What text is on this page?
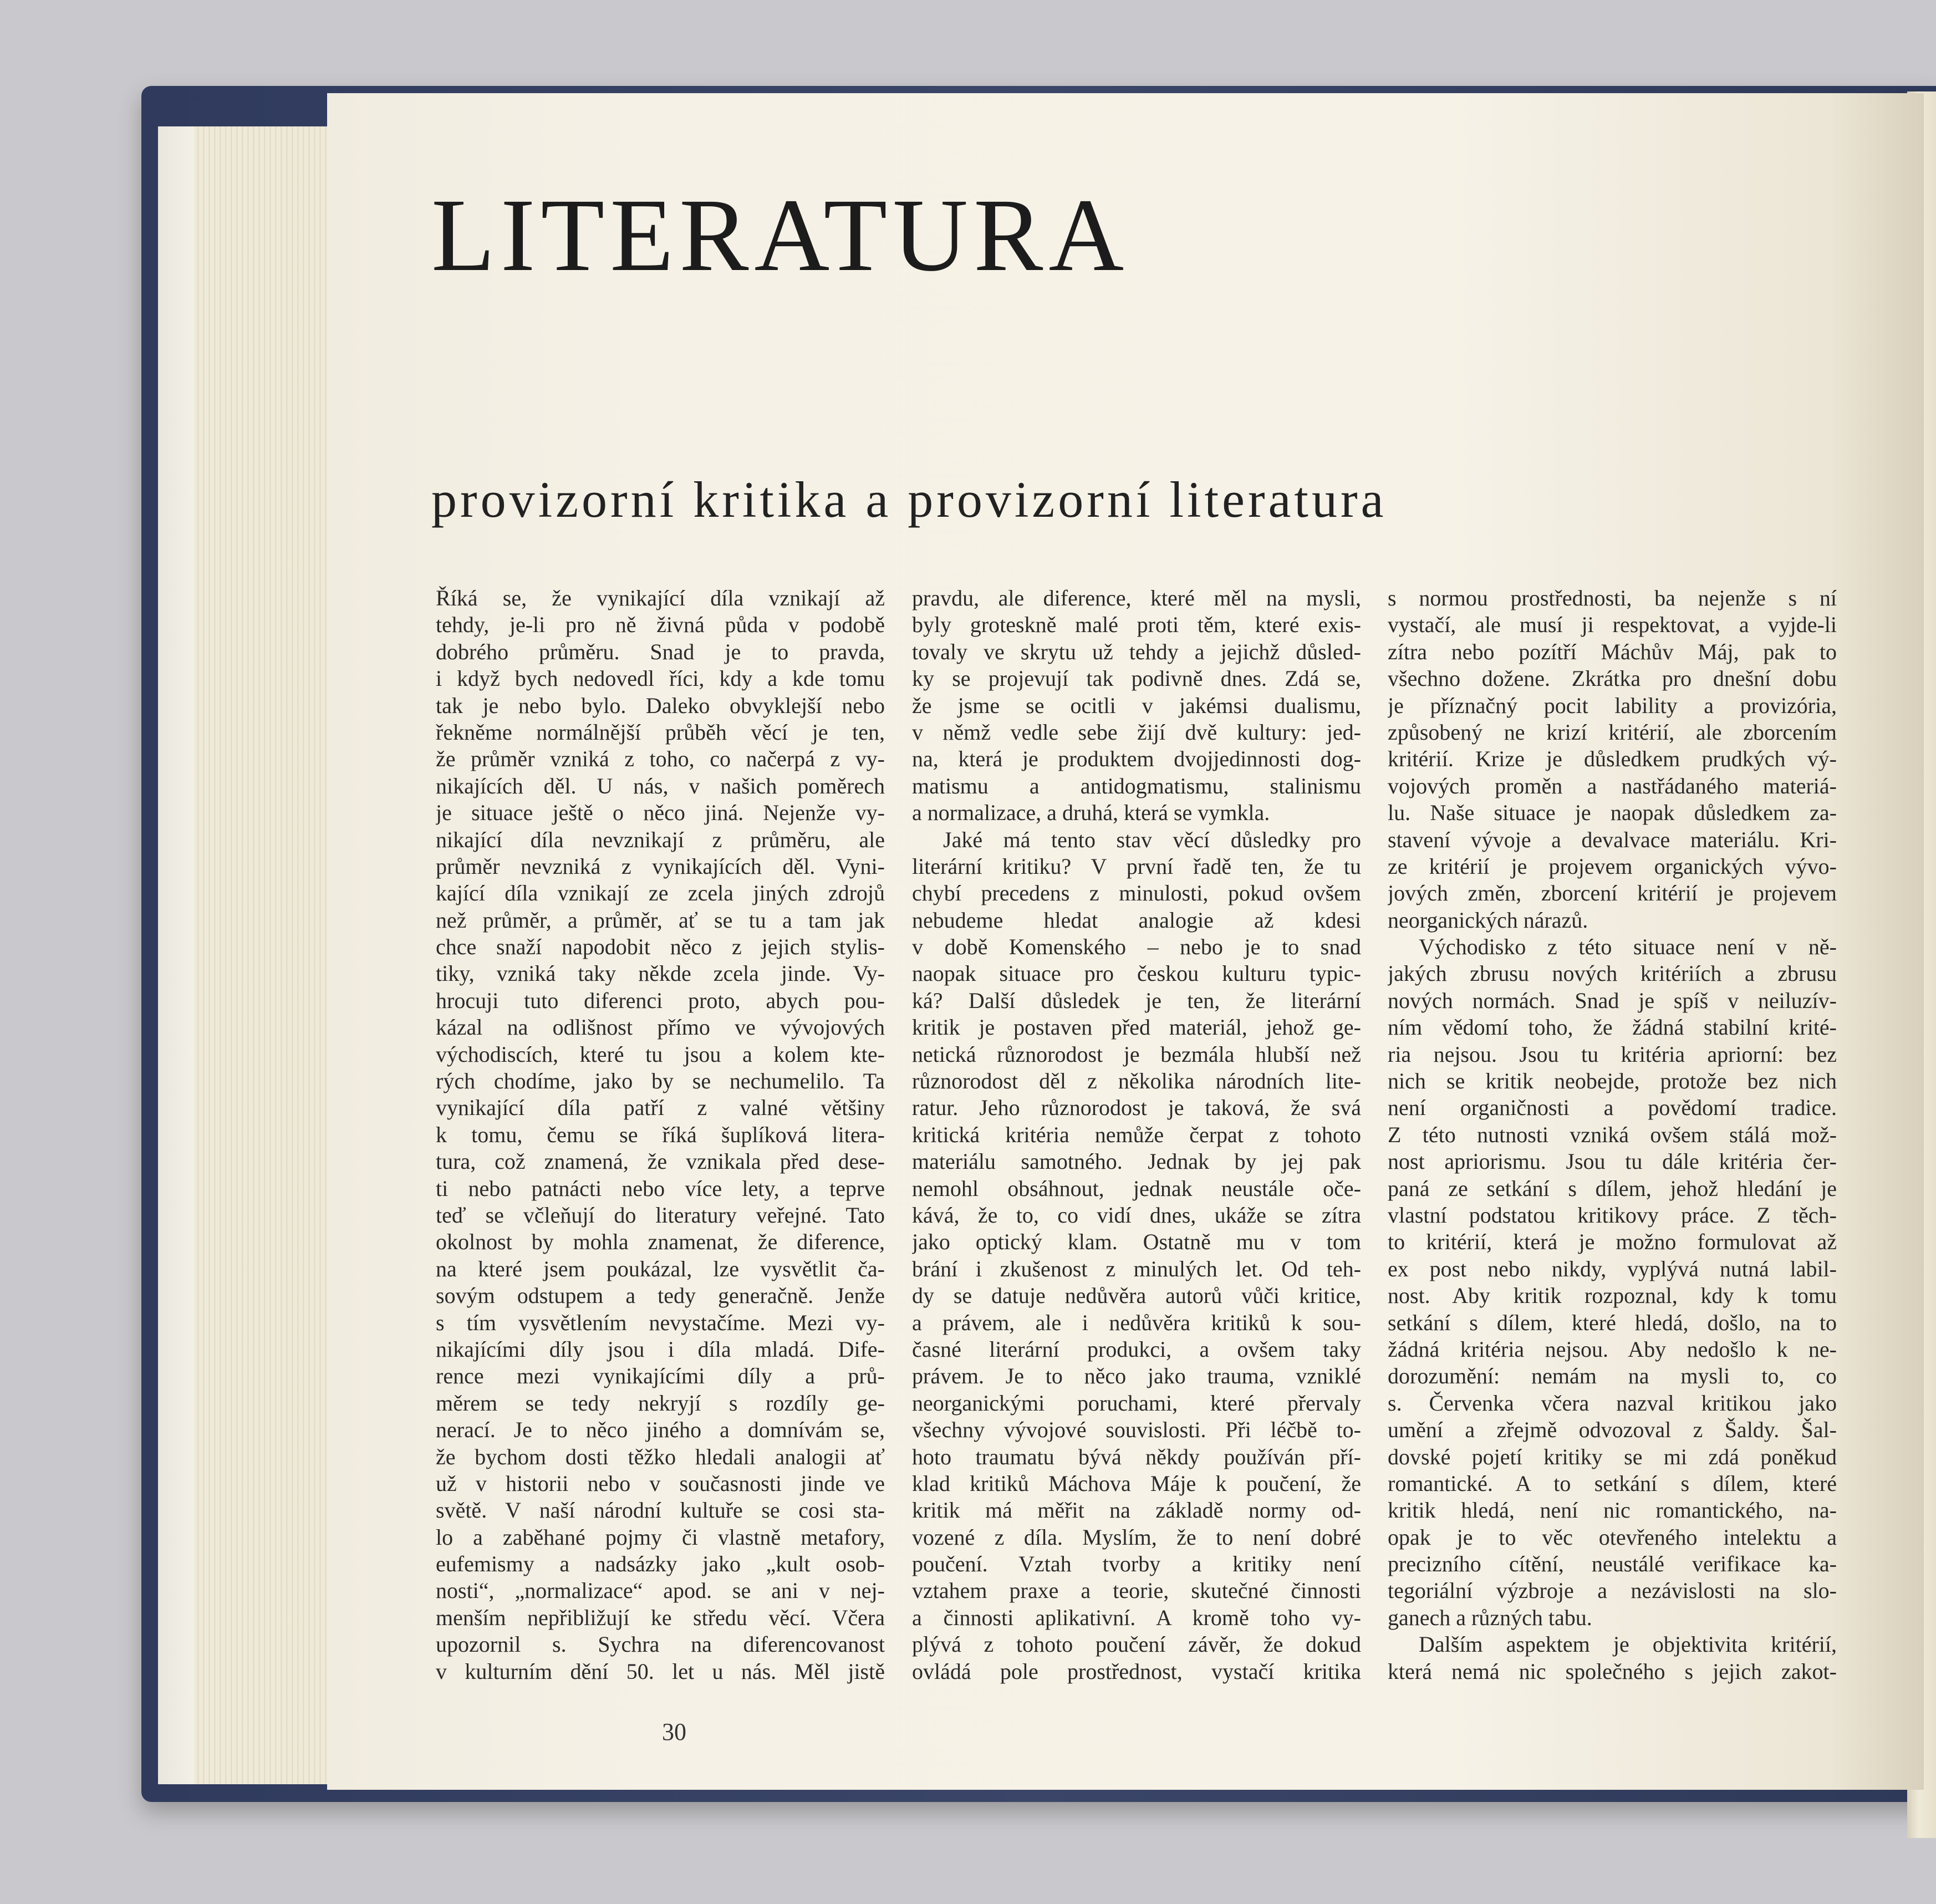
LITERATURA
provizorní kritika a provizorní literatura
Říká se, že vynikající díla vznikají až
tehdy, je-li pro ně živná půda v podobě
dobrého průměru. Snad je to pravda,
i když bych nedovedl říci, kdy a kde tomu
tak je nebo bylo. Daleko obvyklejší nebo
řekněme normálnější průběh věcí je ten,
že průměr vzniká z toho, co načerpá z vy-
nikajících děl. U nás, v našich poměrech
je situace ještě o něco jiná. Nejenže vy-
nikající díla nevznikají z průměru, ale
průměr nevzniká z vynikajících děl. Vyni-
kající díla vznikají ze zcela jiných zdrojů
než průměr, a průměr, ať se tu a tam jak
chce snaží napodobit něco z jejich stylis-
tiky, vzniká taky někde zcela jinde. Vy-
hrocuji tuto diferenci proto, abych pou-
kázal na odlišnost přímo ve vývojových
východiscích, které tu jsou a kolem kte-
rých chodíme, jako by se nechumelilo. Ta
vynikající díla patří z valné většiny
k tomu, čemu se říká šuplíková litera-
tura, což znamená, že vznikala před dese-
ti nebo patnácti nebo více lety, a teprve
teď se včleňují do literatury veřejné. Tato
okolnost by mohla znamenat, že diference,
na které jsem poukázal, lze vysvětlit ča-
sovým odstupem a tedy generačně. Jenže
s tím vysvětlením nevystačíme. Mezi vy-
nikajícími díly jsou i díla mladá. Dife-
rence mezi vynikajícími díly a prů-
měrem se tedy nekryjí s rozdíly ge-
nerací. Je to něco jiného a domnívám se,
že bychom dosti těžko hledali analogii ať
už v historii nebo v současnosti jinde ve
světě. V naší národní kultuře se cosi sta-
lo a zaběhané pojmy či vlastně metafory,
eufemismy a nadsázky jako „kult osob-
nosti“, „normalizace“ apod. se ani v nej-
menším nepřibližují ke středu věcí. Včera
upozornil s. Sychra na diferencovanost
v kulturním dění 50. let u nás. Měl jistě
pravdu, ale diference, které měl na mysli,
byly groteskně malé proti těm, které exis-
tovaly ve skrytu už tehdy a jejichž důsled-
ky se projevují tak podivně dnes. Zdá se,
že jsme se ocitli v jakémsi dualismu,
v němž vedle sebe žijí dvě kultury: jed-
na, která je produktem dvojjedinnosti dog-
matismu a antidogmatismu, stalinismu
a normalizace, a druhá, která se vymkla.
Jaké má tento stav věcí důsledky pro
literární kritiku? V první řadě ten, že tu
chybí precedens z minulosti, pokud ovšem
nebudeme hledat analogie až kdesi
v době Komenského – nebo je to snad
naopak situace pro českou kulturu typic-
ká? Další důsledek je ten, že literární
kritik je postaven před materiál, jehož ge-
netická různorodost je bezmála hlubší než
různorodost děl z několika národních lite-
ratur. Jeho různorodost je taková, že svá
kritická kritéria nemůže čerpat z tohoto
materiálu samotného. Jednak by jej pak
nemohl obsáhnout, jednak neustále oče-
kává, že to, co vidí dnes, ukáže se zítra
jako optický klam. Ostatně mu v tom
brání i zkušenost z minulých let. Od teh-
dy se datuje nedůvěra autorů vůči kritice,
a právem, ale i nedůvěra kritiků k sou-
časné literární produkci, a ovšem taky
právem. Je to něco jako trauma, vzniklé
neorganickými poruchami, které přervaly
všechny vývojové souvislosti. Při léčbě to-
hoto traumatu bývá někdy používán pří-
klad kritiků Máchova Máje k poučení, že
kritik má měřit na základě normy od-
vozené z díla. Myslím, že to není dobré
poučení. Vztah tvorby a kritiky není
vztahem praxe a teorie, skutečné činnosti
a činnosti aplikativní. A kromě toho vy-
plývá z tohoto poučení závěr, že dokud
ovládá pole prostřednost, vystačí kritika
s normou prostřednosti, ba nejenže s ní
vystačí, ale musí ji respektovat, a vyjde-li
zítra nebo pozítří Máchův Máj, pak to
všechno dožene. Zkrátka pro dnešní dobu
je příznačný pocit lability a provizória,
způsobený ne krizí kritérií, ale zborcením
kritérií. Krize je důsledkem prudkých vý-
vojových proměn a nastřádaného materiá-
lu. Naše situace je naopak důsledkem za-
stavení vývoje a devalvace materiálu. Kri-
ze kritérií je projevem organických vývo-
jových změn, zborcení kritérií je projevem
neorganických nárazů.
Východisko z této situace není v ně-
jakých zbrusu nových kritériích a zbrusu
nových normách. Snad je spíš v neiluzív-
ním vědomí toho, že žádná stabilní krité-
ria nejsou. Jsou tu kritéria apriorní: bez
nich se kritik neobejde, protože bez nich
není organičnosti a povědomí tradice.
Z této nutnosti vzniká ovšem stálá mož-
nost apriorismu. Jsou tu dále kritéria čer-
paná ze setkání s dílem, jehož hledání je
vlastní podstatou kritikovy práce. Z těch-
to kritérií, která je možno formulovat až
ex post nebo nikdy, vyplývá nutná labil-
nost. Aby kritik rozpoznal, kdy k tomu
setkání s dílem, které hledá, došlo, na to
žádná kritéria nejsou. Aby nedošlo k ne-
dorozumění: nemám na mysli to, co
s. Červenka včera nazval kritikou jako
umění a zřejmě odvozoval z Šaldy. Šal-
dovské pojetí kritiky se mi zdá poněkud
romantické. A to setkání s dílem, které
kritik hledá, není nic romantického, na-
opak je to věc otevřeného intelektu a
precizního cítění, neustálé verifikace ka-
tegoriální výzbroje a nezávislosti na slo-
ganech a různých tabu.
Dalším aspektem je objektivita kritérií,
která nemá nic společného s jejich zakot-
30
